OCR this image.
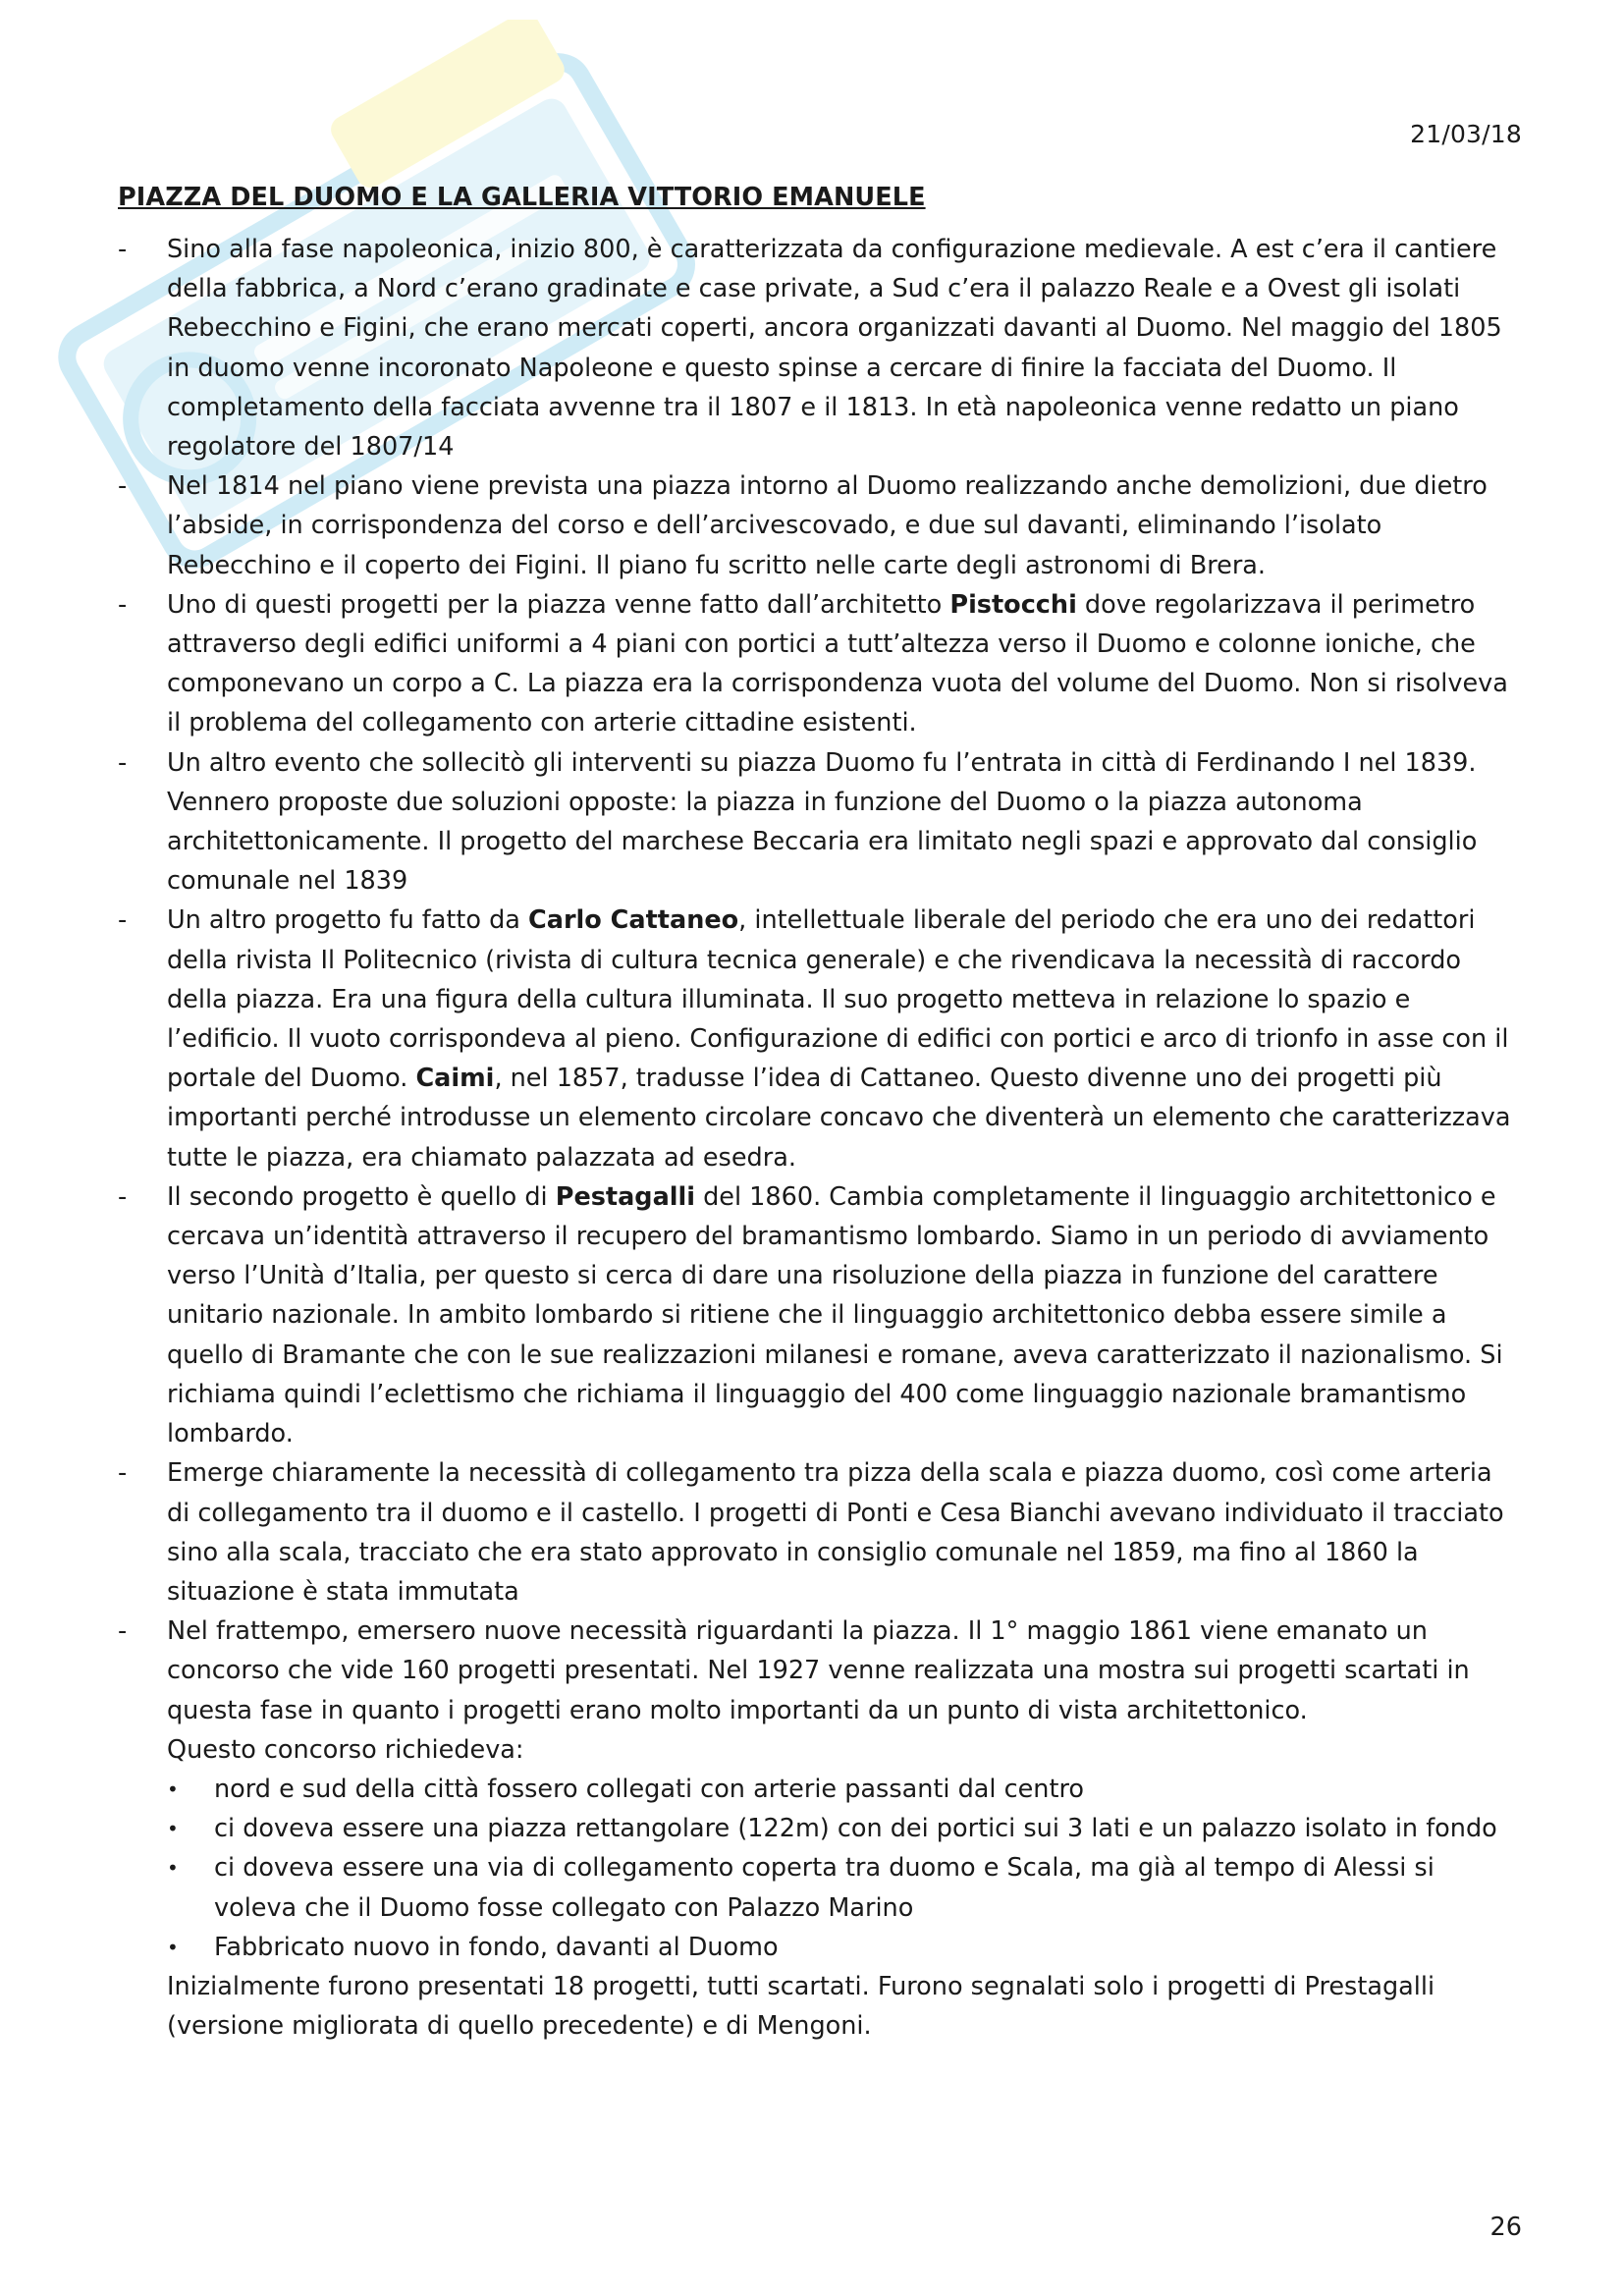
21/03/18
PIAZZA DEL DUOMO E LA GALLERIA VITTORIO EMANUELE
-	Sino alla fase napoleonica, inizio 800, è caratterizzata da configurazione medievale. A est c’era il cantiere della fabbrica, a Nord c’erano gradinate e case private, a Sud c’era il palazzo Reale e a Ovest gli isolati Rebecchino e Figini, che erano mercati coperti, ancora organizzati davanti al Duomo. Nel maggio del 1805 in duomo venne incoronato Napoleone e questo spinse a cercare di finire la facciata del Duomo. Il completamento della facciata avvenne tra il 1807 e il 1813. In età napoleonica venne redatto un piano regolatore del 1807/14
-	Nel 1814 nel piano viene prevista una piazza intorno al Duomo realizzando anche demolizioni, due dietro l’abside, in corrispondenza del corso e dell’arcivescovado, e due sul davanti, eliminando l’isolato Rebecchino e il coperto dei Figini. Il piano fu scritto nelle carte degli astronomi di Brera.
-	Uno di questi progetti per la piazza venne fatto dall’architetto Pistocchi dove regolarizzava il perimetro attraverso degli edifici uniformi a 4 piani con portici a tutt’altezza verso il Duomo e colonne ioniche, che componevano un corpo a C. La piazza era la corrispondenza vuota del volume del Duomo. Non si risolveva il problema del collegamento con arterie cittadine esistenti.
-	Un altro evento che sollecitò gli interventi su piazza Duomo fu l’entrata in città di Ferdinando I nel 1839. Vennero proposte due soluzioni opposte: la piazza in funzione del Duomo o la piazza autonoma architettonicamente. Il progetto del marchese Beccaria era limitato negli spazi e approvato dal consiglio comunale nel 1839
-	Un altro progetto fu fatto da Carlo Cattaneo, intellettuale liberale del periodo che era uno dei redattori della rivista Il Politecnico (rivista di cultura tecnica generale) e che rivendicava la necessità di raccordo della piazza. Era una figura della cultura illuminata. Il suo progetto metteva in relazione lo spazio e l’edificio. Il vuoto corrispondeva al pieno. Configurazione di edifici con portici e arco di trionfo in asse con il portale del Duomo. Caimi, nel 1857, tradusse l’idea di Cattaneo. Questo divenne uno dei progetti più importanti perché introdusse un elemento circolare concavo che diventerà un elemento che caratterizzava tutte le piazza, era chiamato palazzata ad esedra.
-	Il secondo progetto è quello di Pestagalli del 1860. Cambia completamente il linguaggio architettonico e cercava un’identità attraverso il recupero del bramantismo lombardo. Siamo in un periodo di avviamento verso l’Unità d’Italia, per questo si cerca di dare una risoluzione della piazza in funzione del carattere unitario nazionale. In ambito lombardo si ritiene che il linguaggio architettonico debba essere simile a quello di Bramante che con le sue realizzazioni milanesi e romane, aveva caratterizzato il nazionalismo. Si richiama quindi l’eclettismo che richiama il linguaggio del 400 come linguaggio nazionale bramantismo lombardo.
-	Emerge chiaramente la necessità di collegamento tra pizza della scala e piazza duomo, così come arteria di collegamento tra il duomo e il castello. I progetti di Ponti e Cesa Bianchi avevano individuato il tracciato sino alla scala, tracciato che era stato approvato in consiglio comunale nel 1859, ma fino al 1860 la situazione è stata immutata
-	Nel frattempo, emersero nuove necessità riguardanti la piazza. Il 1° maggio 1861 viene emanato un concorso che vide 160 progetti presentati. Nel 1927 venne realizzata una mostra sui progetti scartati in questa fase in quanto i progetti erano molto importanti da un punto di vista architettonico.
Questo concorso richiedeva:
•	nord e sud della città fossero collegati con arterie passanti dal centro
•	ci doveva essere una piazza rettangolare (122m) con dei portici sui 3 lati e un palazzo isolato in fondo
•	ci doveva essere una via di collegamento coperta tra duomo e Scala, ma già al tempo di Alessi si voleva che il Duomo fosse collegato con Palazzo Marino
•	Fabbricato nuovo in fondo, davanti al Duomo
Inizialmente furono presentati 18 progetti, tutti scartati. Furono segnalati solo i progetti di Prestagalli (versione migliorata di quello precedente) e di Mengoni.
26
